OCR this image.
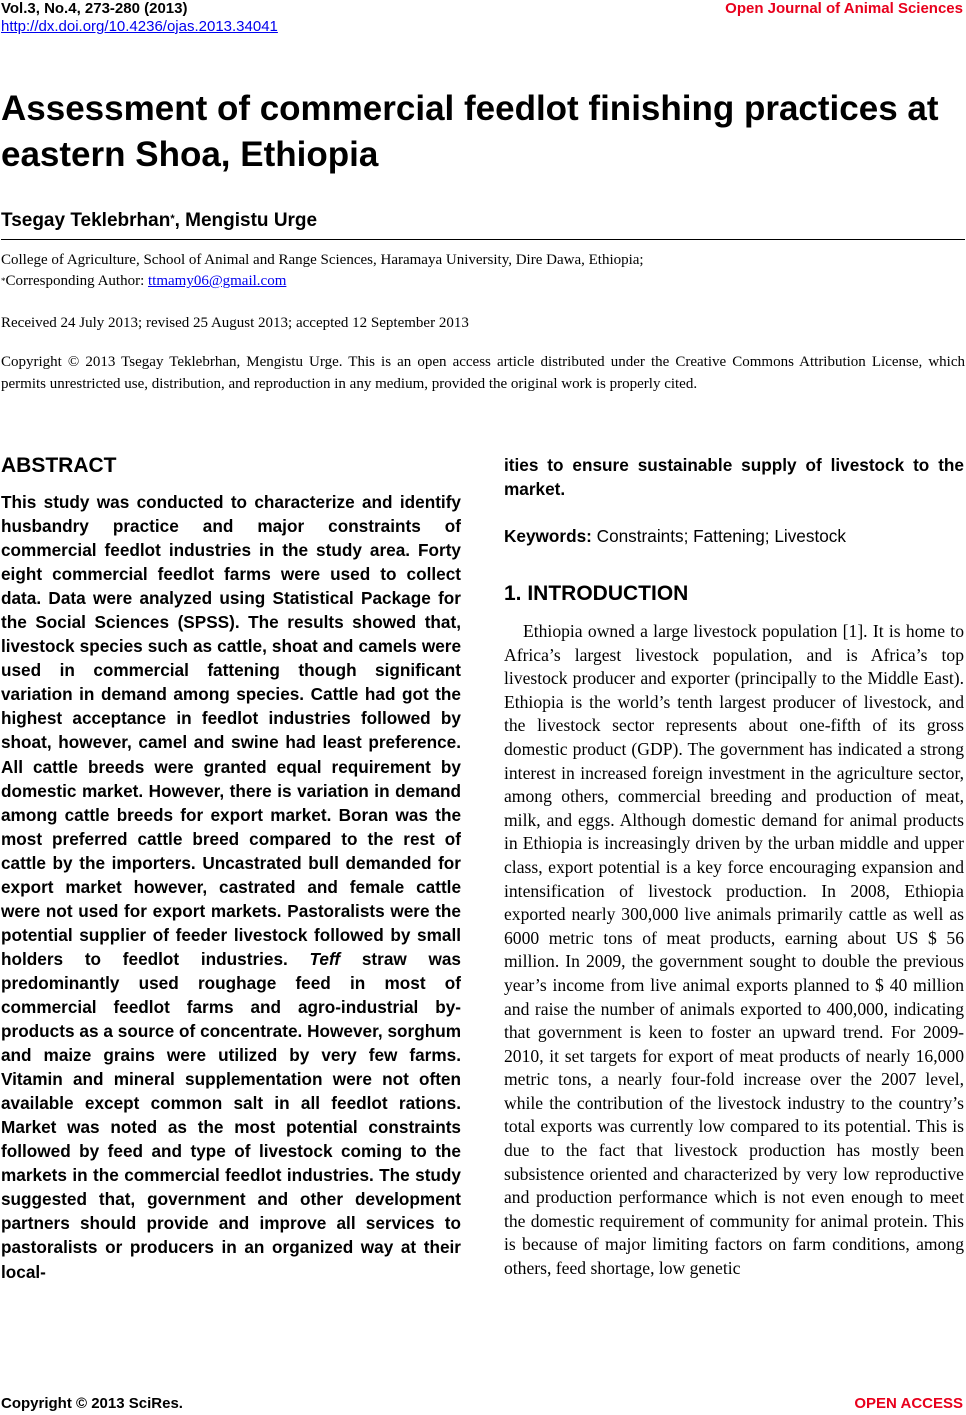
Vol.3, No.4, 273-280 (2013)
http://dx.doi.org/10.4236/ojas.2013.34041
Open Journal of Animal Sciences
Assessment of commercial feedlot finishing practices at eastern Shoa, Ethiopia
Tsegay Teklebrhan*, Mengistu Urge
College of Agriculture, School of Animal and Range Sciences, Haramaya University, Dire Dawa, Ethiopia;
*Corresponding Author: ttmamy06@gmail.com
Received 24 July 2013; revised 25 August 2013; accepted 12 September 2013
Copyright © 2013 Tsegay Teklebrhan, Mengistu Urge. This is an open access article distributed under the Creative Commons Attribution License, which permits unrestricted use, distribution, and reproduction in any medium, provided the original work is properly cited.
ABSTRACT
This study was conducted to characterize and identify husbandry practice and major constraints of commercial feedlot industries in the study area. Forty eight commercial feedlot farms were used to collect data. Data were analyzed using Statistical Package for the Social Sciences (SPSS). The results showed that, livestock species such as cattle, shoat and camels were used in commercial fattening though significant variation in demand among species. Cattle had got the highest acceptance in feedlot industries followed by shoat, however, camel and swine had least preference. All cattle breeds were granted equal requirement by domestic market. However, there is variation in demand among cattle breeds for export market. Boran was the most preferred cattle breed compared to the rest of cattle by the importers. Uncastrated bull demanded for export market however, castrated and female cattle were not used for export markets. Pastoralists were the potential supplier of feeder livestock followed by small holders to feedlot industries. Teff straw was predominantly used roughage feed in most of commercial feedlot farms and agro-industrial by-products as a source of concentrate. However, sorghum and maize grains were utilized by very few farms. Vitamin and mineral supplementation were not often available except common salt in all feedlot rations. Market was noted as the most potential constraints followed by feed and type of livestock coming to the markets in the commercial feedlot industries. The study suggested that, government and other development partners should provide and improve all services to pastoralists or producers in an organized way at their local-
ities to ensure sustainable supply of livestock to the market.
Keywords: Constraints; Fattening; Livestock
1. INTRODUCTION

Ethiopia owned a large livestock population [1]. It is home to Africa’s largest livestock population, and is Africa’s top livestock producer and exporter (principally to the Middle East). Ethiopia is the world’s tenth largest producer of livestock, and the livestock sector represents about one-fifth of its gross domestic product (GDP). The government has indicated a strong interest in increased foreign investment in the agriculture sector, among others, commercial breeding and production of meat, milk, and eggs. Although domestic demand for animal products in Ethiopia is increasingly driven by the urban middle and upper class, export potential is a key force encouraging expansion and intensification of livestock production. In 2008, Ethiopia exported nearly 300,000 live animals primarily cattle as well as 6000 metric tons of meat products, earning about US $ 56 million. In 2009, the government sought to double the previous year’s income from live animal exports planned to $ 40 million and raise the number of animals exported to 400,000, indicating that government is keen to foster an upward trend. For 2009-2010, it set targets for export of meat products of nearly 16,000 metric tons, a nearly four-fold increase over the 2007 level, while the contribution of the livestock industry to the country’s total exports was currently low compared to its potential. This is due to the fact that livestock production has mostly been subsistence oriented and characterized by very low reproductive and production performance which is not even enough to meet the domestic requirement of community for animal protein. This is because of major limiting factors on farm conditions, among others, feed shortage, low genetic

Copyright © 2013 SciRes.	OPEN ACCESS
